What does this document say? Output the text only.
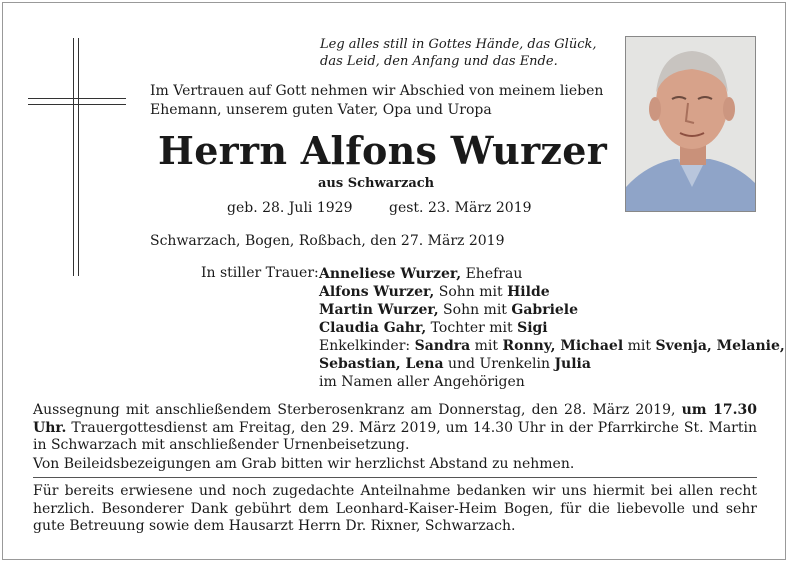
Leg alles still in Gottes Hände, das Glück,
das Leid, den Anfang und das Ende.
Im Vertrauen auf Gott nehmen wir Abschied von meinem lieben
Ehemann, unserem guten Vater, Opa und Uropa
Herrn Alfons Wurzer
aus Schwarzach
geb. 28. Juli 1929	gest. 23. März 2019
Schwarzach, Bogen, Roßbach, den 27. März 2019
In stiller Trauer: Anneliese Wurzer, Ehefrau
Alfons Wurzer, Sohn mit Hilde
Martin Wurzer, Sohn mit Gabriele
Claudia Gahr, Tochter mit Sigi
Enkelkinder: Sandra mit Ronny, Michael mit Svenja, Melanie,
Sebastian, Lena und Urenkelin Julia
im Namen aller Angehörigen
Aussegnung mit anschließendem Sterberosenkranz am Donnerstag, den 28. März 2019, um 17.30 Uhr. Trauergottesdienst am Freitag, den 29. März 2019, um 14.30 Uhr in der Pfarrkirche St. Martin in Schwarzach mit anschließender Urnenbeisetzung.
Von Beileidsbezeigungen am Grab bitten wir herzlichst Abstand zu nehmen.
Für bereits erwiesene und noch zugedachte Anteilnahme bedanken wir uns hiermit bei allen recht herzlich. Besonderer Dank gebührt dem Leonhard-Kaiser-Heim Bogen, für die liebevolle und sehr gute Betreuung sowie dem Hausarzt Herrn Dr. Rixner, Schwarzach.
